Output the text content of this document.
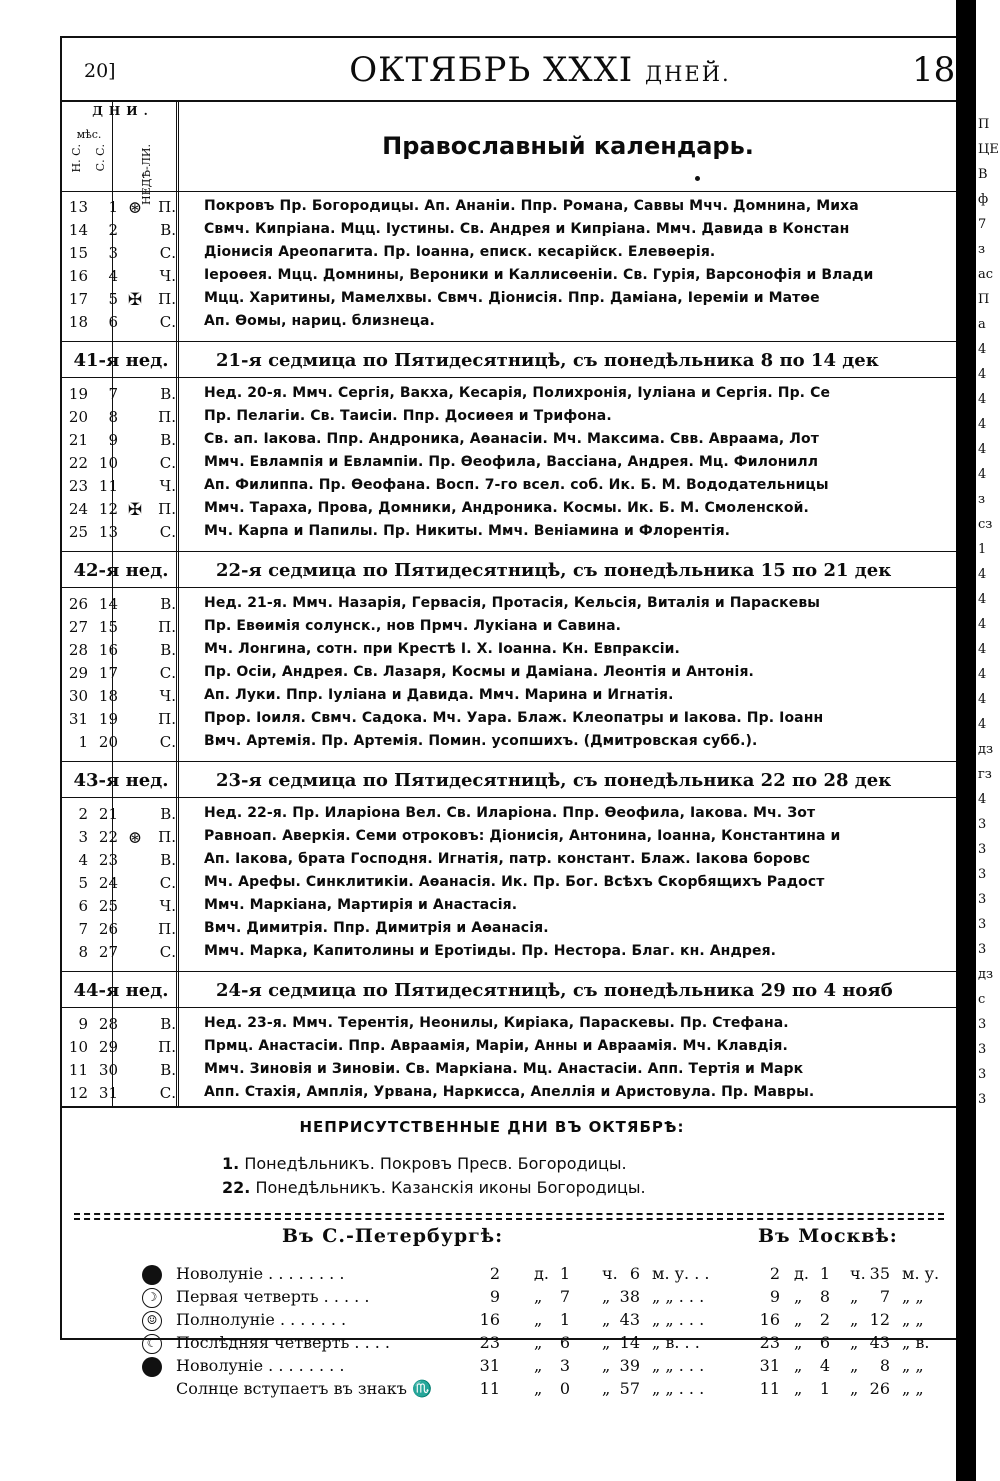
П
ЦЕ
В
ф
7
з
ас
П
а
4
4
4
4
4
4
з
сз
1
4
4
4
4
4
4
4
дз
гз
4
3
3
3
3
3
3
дз
с
3
3
3
3
20]	ОКТЯБРЬ XXXI ДНЕЙ.	18
ДНИ.
мѣс.
Н. С. С. С.	НЕДѢ-ЛИ.	Православный календарь.
13	1 ⊛	П. Покровъ Пр. Богородицы. Ап. Ананіи. Ппр. Романа, Саввы Мчч. Домнина, Миха
14	2	В. Свмч. Кипріана. Мцц. Іустины. Св. Андрея и Кипріана. Ммч. Давида в Констан
15	3	С. Діонисія Ареопагита. Пр. Іоанна, еписк. кесарійск. Елевѳерія.
16	4	Ч. Іероѳея. Мцц. Домнины, Вероники и Каллисѳеніи. Св. Гурія, Варсонофія и Влади
17	5 ✠	П. Мцц. Харитины, Мамелхвы. Свмч. Діонисія. Ппр. Даміана, Іереміи и Матѳе
18	6	С. Ап. Ѳомы, нариц. близнеца.
41-я нед.	21-я седмица по Пятидесятницѣ, съ понедѣльника 8 по 14 дек
19	7	В. Нед. 20-я. Ммч. Сергія, Вакха, Кесарія, Полихронія, Іуліана и Сергія. Пр. Се
20	8	П. Пр. Пелагіи. Св. Таисіи. Ппр. Досиѳея и Трифона.
21	9	В. Св. ап. Іакова. Ппр. Андроника, Аѳанасіи. Мч. Максима. Свв. Авраама, Лот
22 10	С. Ммч. Евлампія и Евлампіи. Пр. Ѳеофила, Вассіана, Андрея. Мц. Филонилл
23 11	Ч. Ап. Филиппа. Пр. Ѳеофана. Восп. 7-го всел. соб. Ик. Б. М. Вододательницы
24 12 ✠	П. Ммч. Тараха, Прова, Домники, Андроника. Космы. Ик. Б. М. Смоленской.
25 13	С. Мч. Карпа и Папилы. Пр. Никиты. Ммч. Веніамина и Флорентія.
42-я нед.	22-я седмица по Пятидесятницѣ, съ понедѣльника 15 по 21 дек
26 14	В. Нед. 21-я. Ммч. Назарія, Гервасія, Протасія, Кельсія, Виталія и Параскевы
27 15	П. Пр. Евѳимія солунск., нов Прмч. Лукіана и Савина.
28 16	В. Мч. Лонгина, сотн. при Крестѣ І. Х. Іоанна. Кн. Евпраксіи.
29 17	С. Пр. Осіи, Андрея. Св. Лазаря, Космы и Даміана. Леонтія и Антонія.
30 18	Ч. Ап. Луки. Ппр. Іуліана и Давида. Ммч. Марина и Игнатія.
31 19	П. Прор. Іоиля. Свмч. Садока. Мч. Уара. Блаж. Клеопатры и Іакова. Пр. Іоанн
1 20	С. Вмч. Артемія. Пр. Артемія. Помин. усопшихъ. (Дмитровская субб.).
43-я нед.	23-я седмица по Пятидесятницѣ, съ понедѣльника 22 по 28 дек
2 21	В. Нед. 22-я. Пр. Иларіона Вел. Св. Иларіона. Ппр. Ѳеофила, Іакова. Мч. Зот
3 22 ⊛	П. Равноап. Аверкія. Семи отроковъ: Діонисія, Антонина, Іоанна, Константина и
4 23	В. Ап. Іакова, брата Господня. Игнатія, патр. констант. Блаж. Іакова боровс
5 24	С. Мч. Арефы. Синклитикіи. Аѳанасія. Ик. Пр. Бог. Всѣхъ Скорбящихъ Радост
6 25	Ч. Ммч. Маркіана, Мартирія и Анастасія.
7 26	П. Вмч. Димитрія. Ппр. Димитрія и Аѳанасія.
8 27	С. Ммч. Марка, Капитолины и Еротіиды. Пр. Нестора. Благ. кн. Андрея.
44-я нед.	24-я седмица по Пятидесятницѣ, съ понедѣльника 29 по 4 нояб
9 28	В. Нед. 23-я. Ммч. Терентія, Неонилы, Киріака, Параскевы. Пр. Стефана.
10 29	П. Прмц. Анастасіи. Ппр. Авраамія, Маріи, Анны и Авраамія. Мч. Клавдія.
11 30	В. Ммч. Зиновія и Зиновіи. Св. Маркіана. Мц. Анастасіи. Апп. Тертія и Марк
12 31	С. Апп. Стахія, Амплія, Урвана, Наркисса, Апеллія и Аристовула. Пр. Мавры.
НЕПРИСУТСТВЕННЫЕ ДНИ ВЪ ОКТЯБРѢ:
1. Понедѣльникъ. Покровъ Пресв. Богородицы.
22. Понедѣльникъ. Казанскія иконы Богородицы.
Въ С.-Петербургѣ:	Въ Москвѣ:
Новолуніе . . . . . . . .	2 д. 1 ч. 6 м. у. . .	2 д. 1 ч. 35 м. у.
☽ Первая четверть . . . . .	9 „	7 „ 38 „ „ . . .	9 „	8 „	7 „ „
☺ Полнолуніе . . . . . . .	16 „	1 „ 43 „ „ . . .	16 „	2 „ 12 „ „
☾ Послѣдняя четверть . . . .	23 „	6 „ 14 „ в. . .	23 „	6 „ 43 „ в.
Новолуніе . . . . . . . .	31 „	3 „ 39 „ „ . . .	31 „	4 „	8 „ „
Солнце вступаетъ въ знакъ ♏	11 „	0 „ 57 „ „ . . .	11 „	1 „ 26 „ „
